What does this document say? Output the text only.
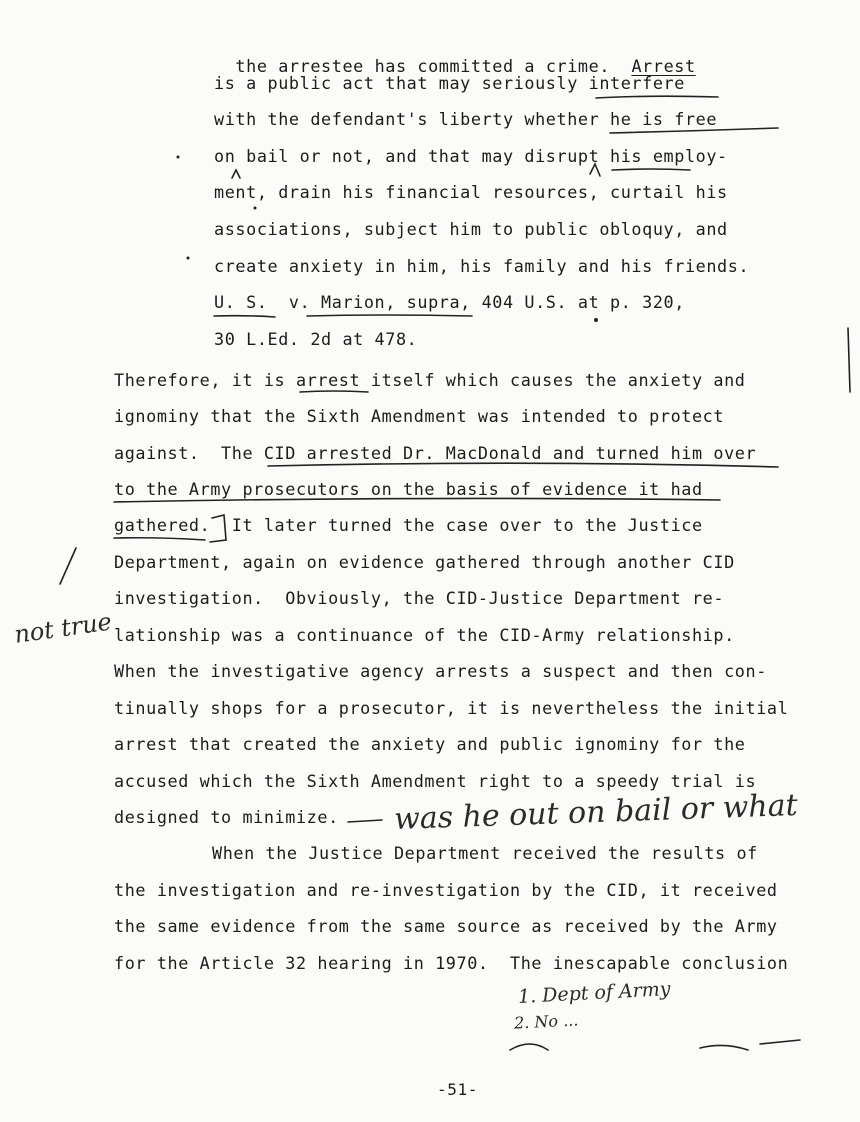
the arrestee has committed a crime.  Arrest

is a public act that may seriously interfere
with the defendant's liberty whether he is free
on bail or not, and that may disrupt his employ-
ment, drain his financial resources, curtail his
associations, subject him to public obloquy, and
create anxiety in him, his family and his friends.
U. S.  v. Marion, supra, 404 U.S. at p. 320,
30 L.Ed. 2d at 478.
Therefore, it is arrest itself which causes the anxiety and
ignominy that the Sixth Amendment was intended to protect
against.  The CID arrested Dr. MacDonald and turned him over
to the Army prosecutors on the basis of evidence it had
gathered.  It later turned the case over to the Justice
Department, again on evidence gathered through another CID
investigation.  Obviously, the CID-Justice Department re-
lationship was a continuance of the CID-Army relationship.
When the investigative agency arrests a suspect and then con-
tinually shops for a prosecutor, it is nevertheless the initial
arrest that created the anxiety and public ignominy for the
accused which the Sixth Amendment right to a speedy trial is
designed to minimize.
When the Justice Department received the results of
the investigation and re-investigation by the CID, it received
the same evidence from the same source as received by the Army
for the Article 32 hearing in 1970.  The inescapable conclusion
not true
was he out on bail or what
1. Dept of Army
2. No ...
-51-
